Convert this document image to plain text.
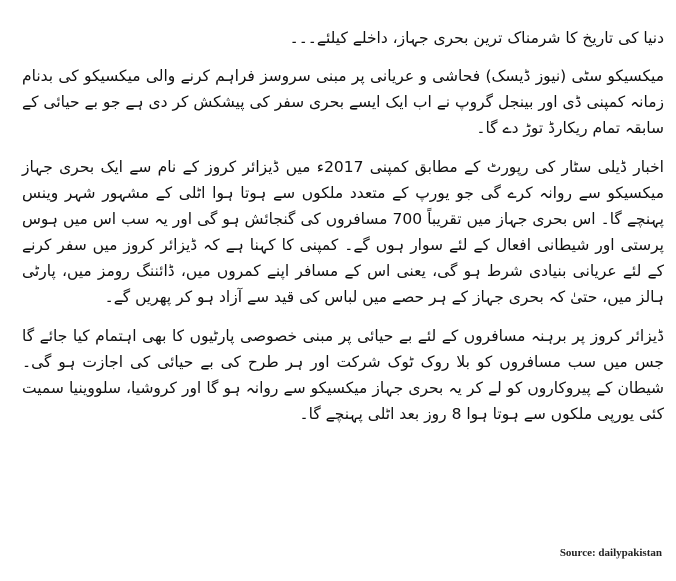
دنیا کی تاریخ کا شرمناک ترین بحری جہاز، داخلے کیلئے۔۔۔

میکسیکو سٹی (نیوز ڈیسک) فحاشی و عریانی پر مبنی سروسز فراہم کرنے والی میکسیکو کی بدنام زمانہ کمپنی ڈی اور بینجل گروپ نے اب ایک ایسے بحری سفر کی پیشکش کر دی ہے جو بے حیائی کے سابقہ تمام ریکارڈ توڑ دے گا۔

اخبار ڈیلی سٹار کی رپورٹ کے مطابق کمپنی 2017ء میں ڈیزائر کروز کے نام سے ایک بحری جہاز میکسیکو سے روانہ کرے گی جو یورپ کے متعدد ملکوں سے ہوتا ہوا اٹلی کے مشہور شہر وینس پہنچے گا۔ اس بحری جہاز میں تقریباً 700 مسافروں کی گنجائش ہو گی اور یہ سب اس میں ہوس پرستی اور شیطانی افعال کے لئے سوار ہوں گے۔ کمپنی کا کہنا ہے کہ ڈیزائر کروز میں سفر کرنے کے لئے عریانی بنیادی شرط ہو گی، یعنی اس کے مسافر اپنے کمروں میں، ڈائننگ رومز میں، پارٹی ہالز میں، حتیٰ کہ بحری جہاز کے ہر حصے میں لباس کی قید سے آزاد ہو کر پھریں گے۔

ڈیزائر کروز پر برہنہ مسافروں کے لئے بے حیائی پر مبنی خصوصی پارٹیوں کا بھی اہتمام کیا جائے گا جس میں سب مسافروں کو بلا روک ٹوک شرکت اور ہر طرح کی بے حیائی کی اجازت ہو گی۔ شیطان کے پیروکاروں کو لے کر یہ بحری جہاز میکسیکو سے روانہ ہو گا اور کروشیا، سلووینیا سمیت کئی یورپی ملکوں سے ہوتا ہوا 8 روز بعد اٹلی پہنچے گا۔

Source: dailypakistan
